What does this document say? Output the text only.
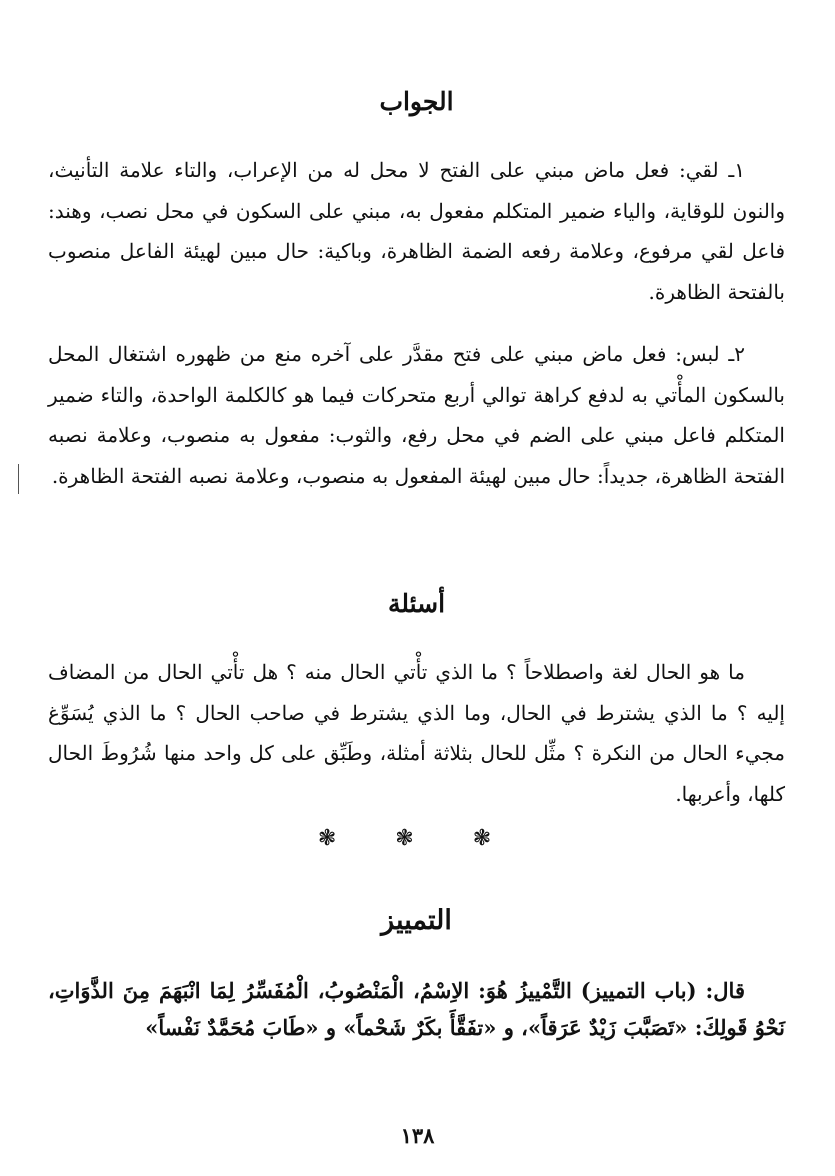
الجواب

١ـ لقي: فعل ماض مبني على الفتح لا محل له من الإعراب، والتاء علامة التأنيث، والنون للوقاية، والياء ضمير المتكلم مفعول به، مبني على السكون في محل نصب، وهند: فاعل لقي مرفوع، وعلامة رفعه الضمة الظاهرة، وباكية: حال مبين لهيئة الفاعل منصوب بالفتحة الظاهرة.

٢ـ لبس: فعل ماض مبني على فتح مقدَّر على آخره منع من ظهوره اشتغال المحل بالسكون المأْتي به لدفع كراهة توالي أربع متحركات فيما هو كالكلمة الواحدة، والتاء ضمير المتكلم فاعل مبني على الضم في محل رفع، والثوب: مفعول به منصوب، وعلامة نصبه الفتحة الظاهرة، جديداً: حال مبين لهيئة المفعول به منصوب، وعلامة نصبه الفتحة الظاهرة.

أسئلة

ما هو الحال لغة واصطلاحاً ؟ ما الذي تأْتي الحال منه ؟ هل تأْتي الحال من المضاف إليه ؟ ما الذي يشترط في الحال، وما الذي يشترط في صاحب الحال ؟ ما الذي يُسَوِّغ مجيء الحال من النكرة ؟ مثِّل للحال بثلاثة أمثلة، وطَبِّق على كل واحد منها شُرُوطَ الحال كلها، وأعربها.

❃ ❃ ❃
التمييز

قال: (باب التمييز) التَّمْييزُ هُوَ: الاِسْمُ، الْمَنْصُوبُ، الْمُفَسِّرُ لِمَا انْبَهَمَ مِنَ الذَّوَاتِ، نَحْوُ قَولِكَ: «تَصَبَّبَ زَيْدٌ عَرَقاً»، و «تفَقَّأَ بكَرٌ شَحْماً» و «طَابَ مُحَمَّدٌ نَفْساً»

١٣٨
